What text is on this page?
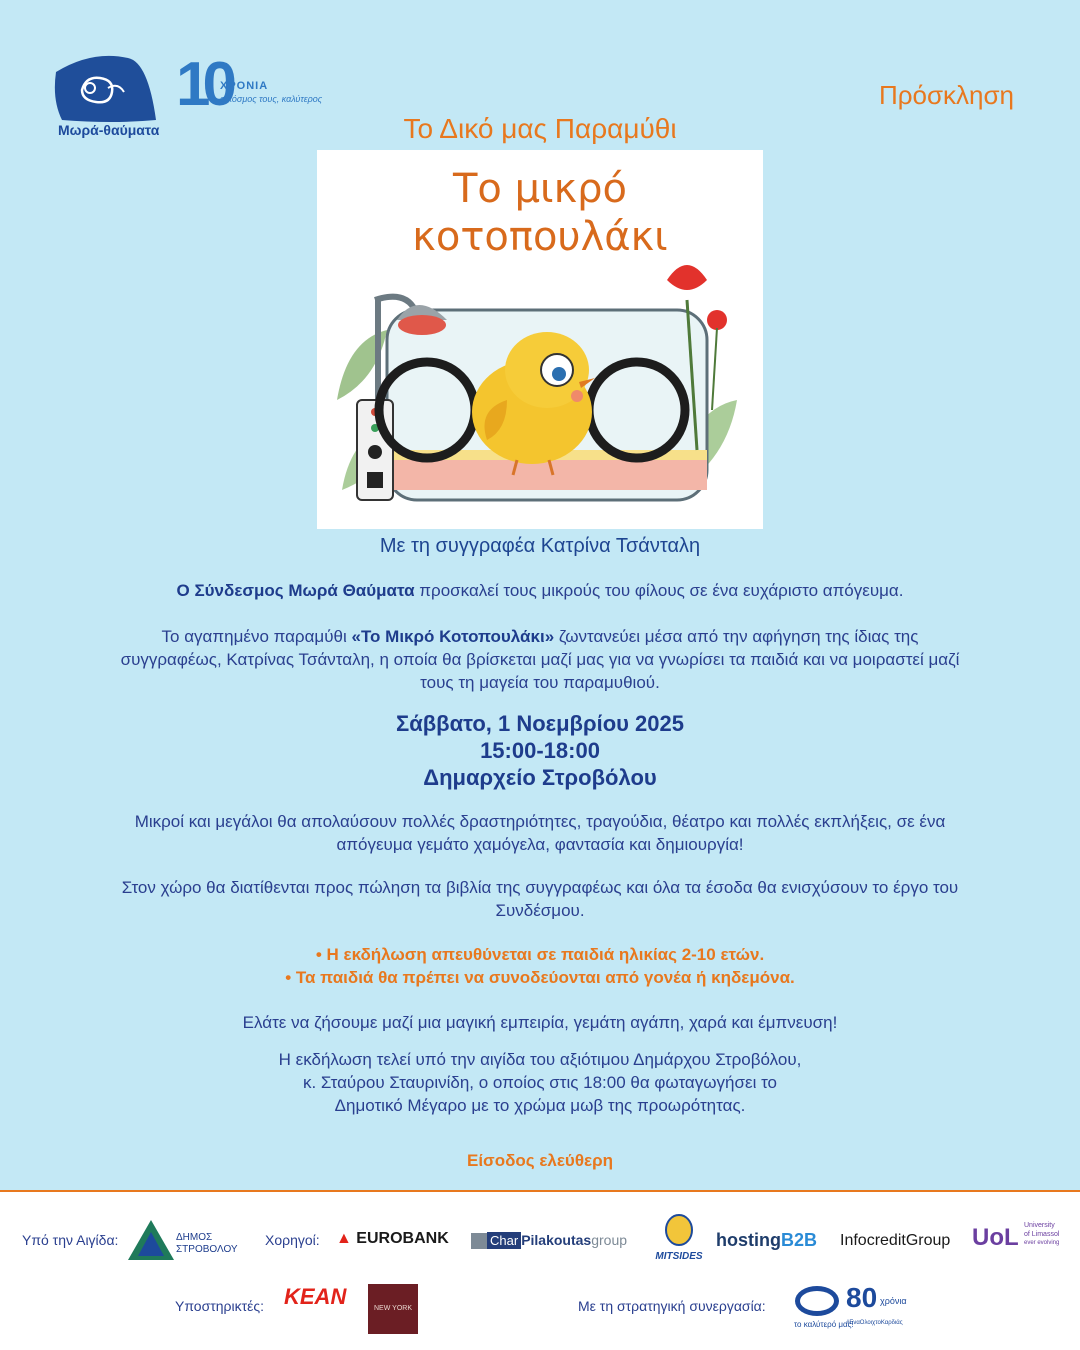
Μωρά-θαύματα
10
ΧΡΟΝΙΑ
ο κόσμος τους, καλύτερος	Πρόσκληση
Το Δικό μας Παραμύθι
Το μικρό
κοτοπουλάκι
Με τη συγγραφέα Κατρίνα Τσάνταλη
Ο Σύνδεσμος Μωρά Θαύματα προσκαλεί τους μικρούς του φίλους σε ένα ευχάριστο απόγευμα.
Το αγαπημένο παραμύθι «Το Μικρό Κοτοπουλάκι» ζωντανεύει μέσα από την αφήγηση της ίδιας της συγγραφέως, Κατρίνας Τσάνταλη, η οποία θα βρίσκεται μαζί μας για να γνωρίσει τα παιδιά και να μοιραστεί μαζί τους τη μαγεία του παραμυθιού.
Σάββατο, 1 Νοεμβρίου 2025
15:00-18:00
Δημαρχείο Στροβόλου
Μικροί και μεγάλοι θα απολαύσουν πολλές δραστηριότητες, τραγούδια, θέατρο και πολλές εκπλήξεις, σε ένα απόγευμα γεμάτο χαμόγελα, φαντασία και δημιουργία!
Στον χώρο θα διατίθενται προς πώληση τα βιβλία της συγγραφέως και όλα τα έσοδα θα ενισχύσουν το έργο του Συνδέσμου.
• Η εκδήλωση απευθύνεται σε παιδιά ηλικίας 2-10 ετών.
• Τα παιδιά θα πρέπει να συνοδεύονται από γονέα ή κηδεμόνα.
Ελάτε να ζήσουμε μαζί μια μαγική εμπειρία, γεμάτη αγάπη, χαρά και έμπνευση!
Η εκδήλωση τελεί υπό την αιγίδα του αξιότιμου Δημάρχου Στροβόλου,
κ. Σταύρου Σταυρινίδη, ο οποίος στις 18:00 θα φωταγωγήσει το
Δημοτικό Μέγαρο με το χρώμα μωβ της προωρότητας.
Είσοδος ελεύθερη
Υπό την Αιγίδα:	ΔΗΜΟΣ
ΣΤΡΟΒΟΛΟΥ
Χορηγοί: ▲ EUROBANK	Char Pilakoutasgroup
MITSIDES
hostingB2B InfocreditGroup UoL University
of Limassol
ever evolving
Υποστηρικτές: KEAN	NEW YORK	Με τη στρατηγική συνεργασία:	80 χρόνια
το καλύτερό μας!
#ΕναΟλοιχτοΚαρδιάς
